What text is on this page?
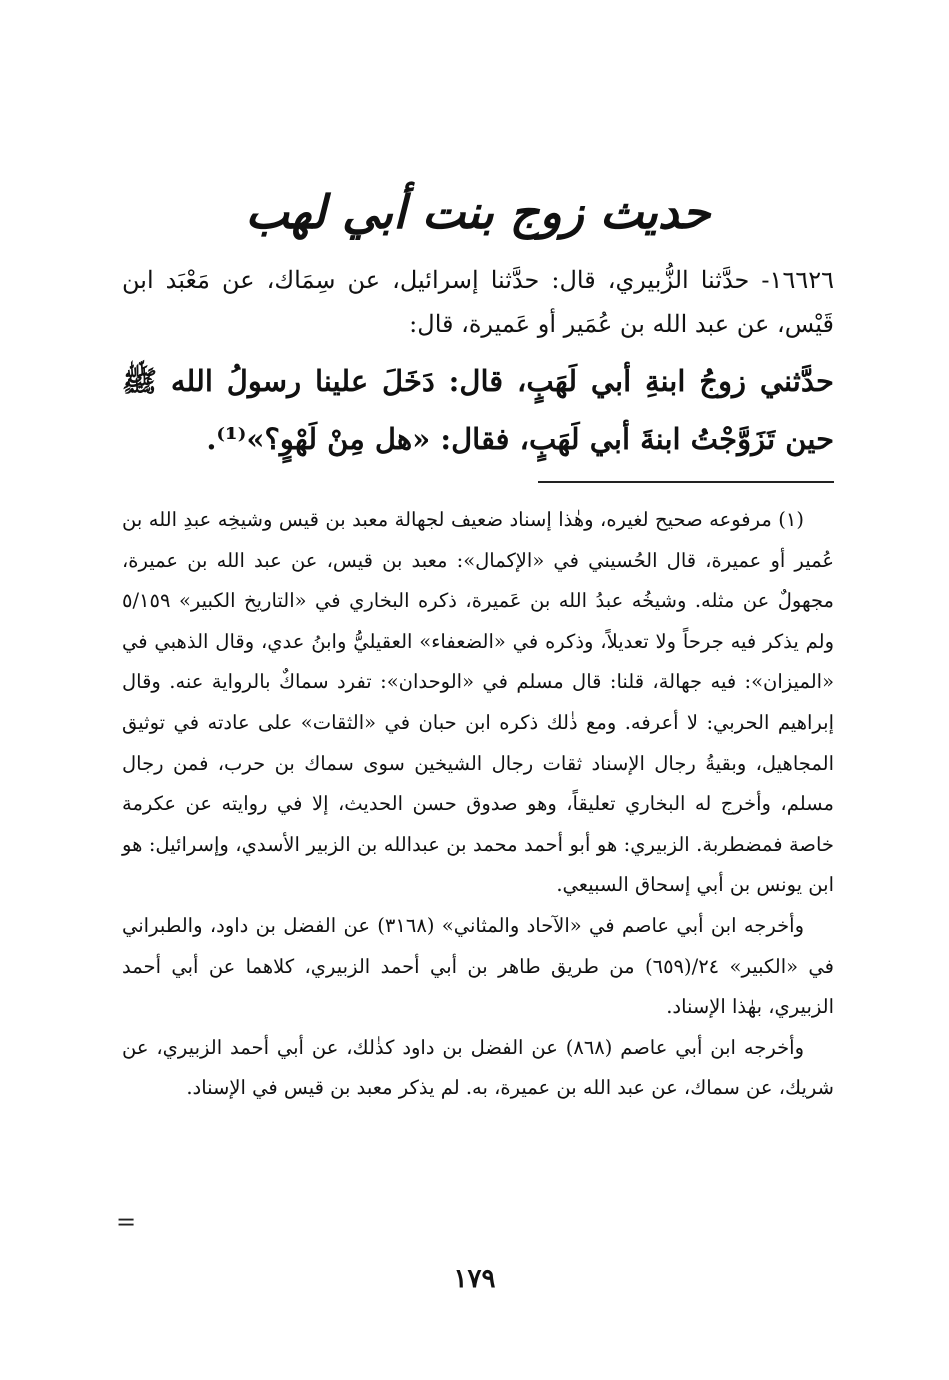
حديث زوج بنت أبي لهب
١٦٦٢٦- حدَّثنا الزُّبيري، قال: حدَّثنا إسرائيل، عن سِمَاك، عن مَعْبَد ابن قَيْس، عن عبد الله بن عُمَير أو عَميرة، قال:
حدَّثني زوجُ ابنةِ أبي لَهَبٍ، قال: دَخَلَ علينا رسولُ الله ﷺ حين تَزَوَّجْتُ ابنةَ أبي لَهَبٍ، فقال: «هل مِنْ لَهْوٍ؟»⁽¹⁾.

(١) مرفوعه صحيح لغيره، وهٰذا إسناد ضعيف لجهالة معبد بن قيس وشيخِه عبدِ الله بن عُمير أو عميرة، قال الحُسيني في «الإكمال»: معبد بن قيس، عن عبد الله بن عميرة، مجهولٌ عن مثله. وشيخُه عبدُ الله بن عَميرة، ذكره البخاري في «التاريخ الكبير» ٥/١٥٩ ولم يذكر فيه جرحاً ولا تعديلاً، وذكره في «الضعفاء» العقيليُّ وابنُ عدي، وقال الذهبي في «الميزان»: فيه جهالة، قلنا: قال مسلم في «الوحدان»: تفرد سماكٌ بالرواية عنه. وقال إبراهيم الحربي: لا أعرفه. ومع ذٰلك ذكره ابن حبان في «الثقات» على عادته في توثيق المجاهيل، وبقيةُ رجال الإسناد ثقات رجال الشيخين سوى سماك بن حرب، فمن رجال مسلم، وأخرج له البخاري تعليقاً، وهو صدوق حسن الحديث، إلا في روايته عن عكرمة خاصة فمضطربة. الزبيري: هو أبو أحمد محمد بن عبدالله بن الزبير الأسدي، وإسرائيل: هو ابن يونس بن أبي إسحاق السبيعي.

وأخرجه ابن أبي عاصم في «الآحاد والمثاني» (٣١٦٨) عن الفضل بن داود، والطبراني في «الكبير» ٢٤/(٦٥٩) من طريق طاهر بن أبي أحمد الزبيري، كلاهما عن أبي أحمد الزبيري، بهٰذا الإسناد.

وأخرجه ابن أبي عاصم (٨٦٨) عن الفضل بن داود كذٰلك، عن أبي أحمد الزبيري، عن شريك، عن سماك، عن عبد الله بن عميرة، به. لم يذكر معبد بن قيس في الإسناد.

=
١٧٩
